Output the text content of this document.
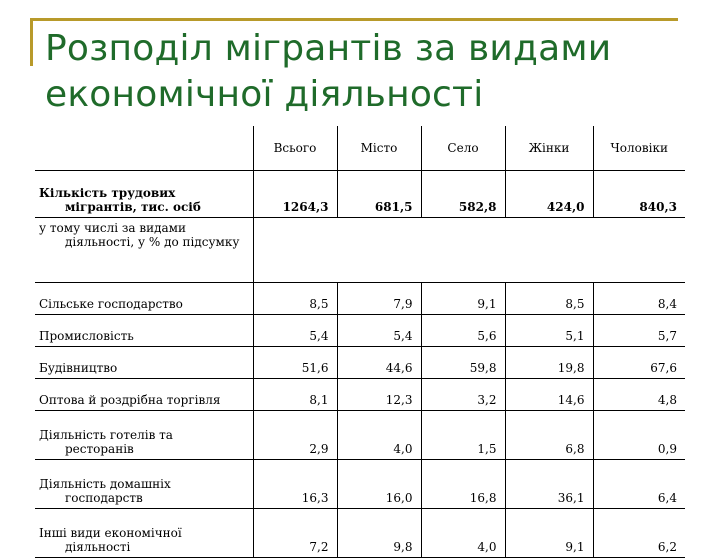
Розподіл мігрантів за видами економічної діяльності
	Всього	Місто	Село	Жінки	Чоловіки

Кількість трудових
мігрантів, тис. осіб	1264,3	681,5	582,8	424,0	840,3

у тому числі за видами
діяльності, у % до підсумку					

Сільське господарство	8,5	7,9	9,1	8,5	8,4
Промисловість	5,4	5,4	5,6	5,1	5,7
Будівництво	51,6	44,6	59,8	19,8	67,6
Оптова й роздрібна торгівля	8,1	12,3	3,2	14,6	4,8

Діяльність готелів та
ресторанів	2,9	4,0	1,5	6,8	0,9

Діяльність домашніх
господарств	16,3	16,0	16,8	36,1	6,4

Інші види економічної
діяльності	7,2	9,8	4,0	9,1	6,2
